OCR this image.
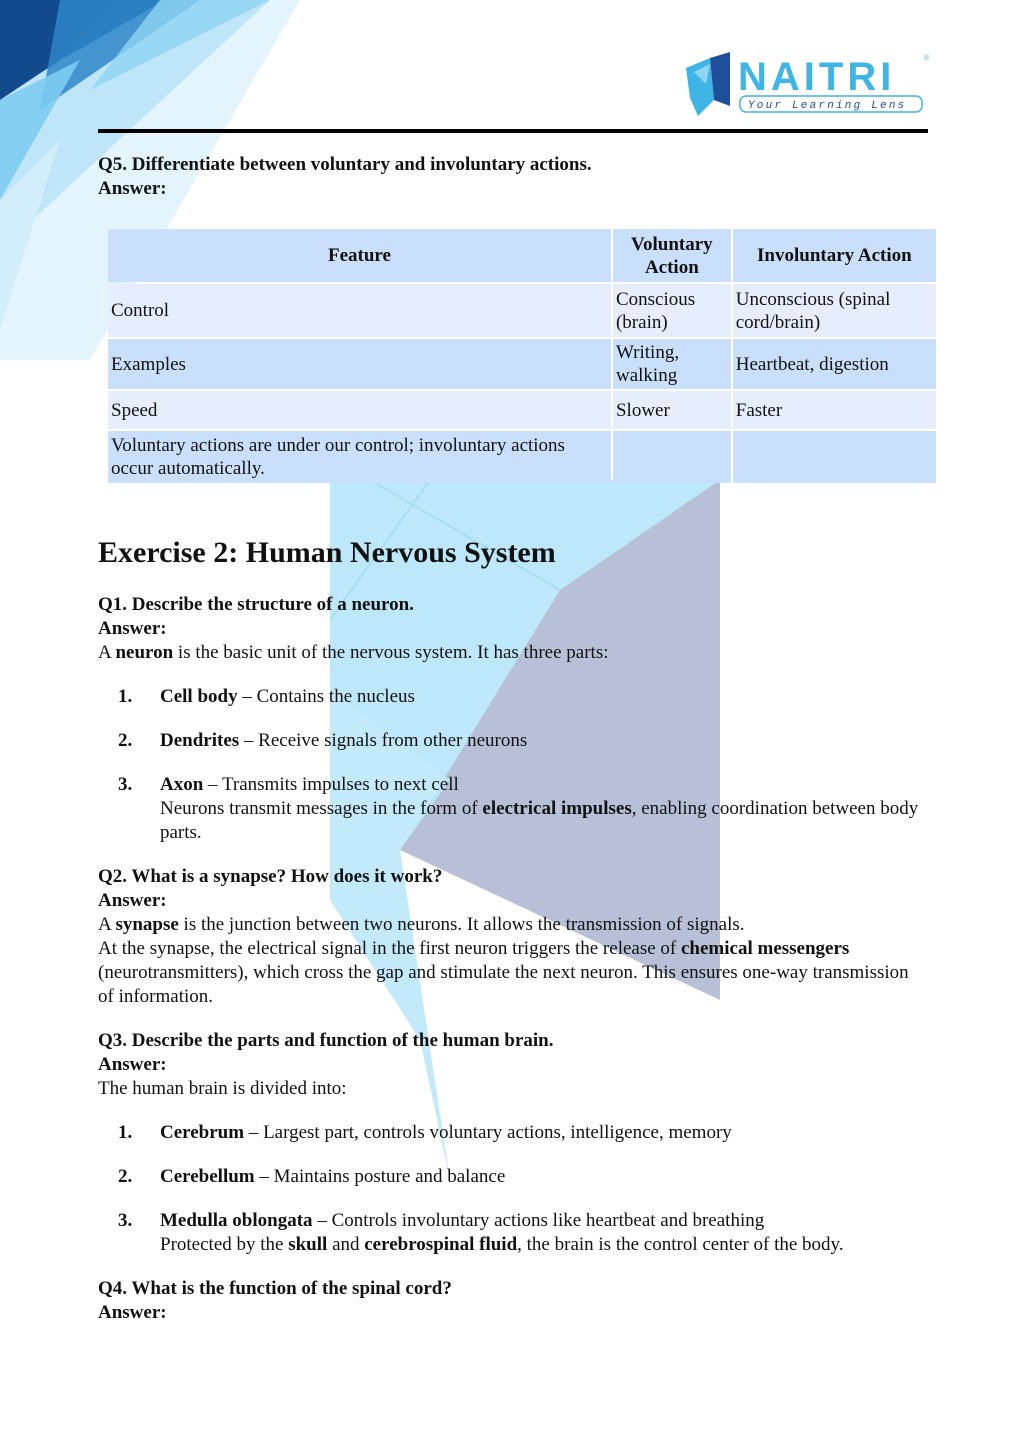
NAITRI	®
Your Learning Lens

Q5. Differentiate between voluntary and involuntary actions.

Answer:

Feature	Voluntary Action	Involuntary Action
Control	Conscious (brain)	Unconscious (spinal cord/brain)
Examples	Writing, walking	Heartbeat, digestion
Speed	Slower	Faster
Voluntary actions are under our control; involuntary actions occur automatically.		
Exercise 2: Human Nervous System

Q1. Describe the structure of a neuron.

Answer:

A neuron is the basic unit of the nervous system. It has three parts:

1. Cell body – Contains the nucleus
2. Dendrites – Receive signals from other neurons
3. Axon – Transmits impulses to next cell
Neurons transmit messages in the form of electrical impulses, enabling coordination between body parts.

Q2. What is a synapse? How does it work?

Answer:

A synapse is the junction between two neurons. It allows the transmission of signals.

At the synapse, the electrical signal in the first neuron triggers the release of chemical messengers (neurotransmitters), which cross the gap and stimulate the next neuron. This ensures one-way transmission of information.

Q3. Describe the parts and function of the human brain.

Answer:

The human brain is divided into:

1. Cerebrum – Largest part, controls voluntary actions, intelligence, memory
2. Cerebellum – Maintains posture and balance
3. Medulla oblongata – Controls involuntary actions like heartbeat and breathing
Protected by the skull and cerebrospinal fluid, the brain is the control center of the body.

Q4. What is the function of the spinal cord?

Answer:
